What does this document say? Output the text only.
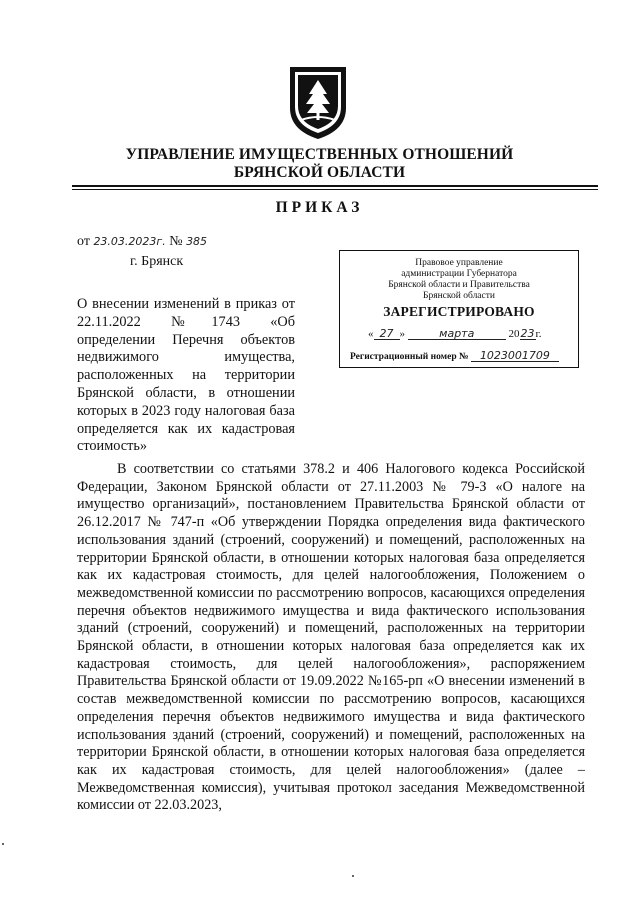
УПРАВЛЕНИЕ ИМУЩЕСТВЕННЫХ ОТНОШЕНИЙ
БРЯНСКОЙ ОБЛАСТИ
ПРИКАЗ
от 23.03.2023г. № 385
г. Брянск
О внесении изменений в приказ от 22.11.2022 №1743 «Об определении Перечня объектов недвижимого имущества, расположенных на территории Брянской области, в отношении которых в 2023 году налоговая база определяется как их кадастровая стоимость»
Правовое управление
администрации Губернатора
Брянской области и Правительства
Брянской области
ЗАРЕГИСТРИРОВАНО
« 27 »	марта	2023г.
Регистрационный номер № 1023001709
В соответствии со статьями 378.2 и 406 Налогового кодекса Российской Федерации, Законом Брянской области от 27.11.2003 № 79-З «О налоге на имущество организаций», постановлением Правительства Брянской области от 26.12.2017 № 747-п «Об утверждении Порядка определения вида фактического использования зданий (строений, сооружений) и помещений, расположенных на территории Брянской области, в отношении которых налоговая база определяется как их кадастровая стоимость, для целей налогообложения, Положением о межведомственной комиссии по рассмотрению вопросов, касающихся определения перечня объектов недвижимого имущества и вида фактического использования зданий (строений, сооружений) и помещений, расположенных на территории Брянской области, в отношении которых налоговая база определяется как их кадастровая стоимость, для целей налогообложения», распоряжением Правительства Брянской области от 19.09.2022 №165-рп «О внесении изменений в состав межведомственной комиссии по рассмотрению вопросов, касающихся определения перечня объектов недвижимого имущества и вида фактического использования зданий (строений, сооружений) и помещений, расположенных на территории Брянской области, в отношении которых налоговая база определяется как их кадастровая стоимость, для целей налогообложения» (далее – Межведомственная комиссия), учитывая протокол заседания Межведомственной комиссии от 22.03.2023,
